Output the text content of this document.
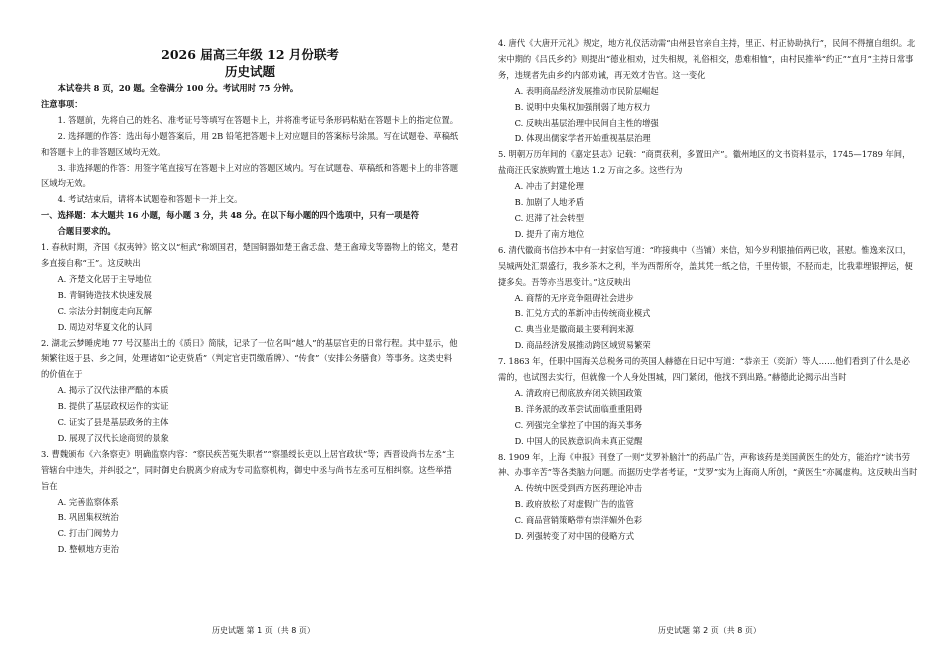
2026 届高三年级 12 月份联考
历史试题

本试卷共 8 页，20 题。全卷满分 100 分。考试用时 75 分钟。

注意事项：

1. 答题前，先将自己的姓名、准考证号等填写在答题卡上，并将准考证号条形码粘贴在答题卡上的指定位置。

2. 选择题的作答：选出每小题答案后，用 2B 铅笔把答题卡上对应题目的答案标号涂黑。写在试题卷、草稿纸和答题卡上的非答题区域均无效。

3. 非选择题的作答：用签字笔直接写在答题卡上对应的答题区域内。写在试题卷、草稿纸和答题卡上的非答题区域均无效。

4. 考试结束后，请将本试题卷和答题卡一并上交。

一、选择题：本大题共 16 小题，每小题 3 分，共 48 分。在以下每小题的四个选项中，只有一项是符
合题目要求的。

1. 春秋时期，齐国《叔夷钟》铭文以“桓武”称颂国君，楚国铜器如楚王酓忎盘、楚王酓璋戈等器物上的铭文，楚君多直接自称“王”。这反映出

A. 齐楚文化居于主导地位

B. 青铜铸造技术快速发展

C. 宗法分封制度走向瓦解

D. 周边对华夏文化的认同

2. 湖北云梦睡虎地 77 号汉墓出土的《质日》简牍，记录了一位名叫“越人”的基层官吏的日常行程。其中显示，他频繁往返于县、乡之间，处理诸如“论吏赀盾”（判定官吏罚缴盾牌）、“传食”（安排公务膳食）等事务。这类史料的价值在于

A. 揭示了汉代法律严酷的本质

B. 提供了基层政权运作的实证

C. 证实了县是基层政务的主体

D. 展现了汉代长途商贸的景象

3. 曹魏颁布《六条察吏》明确监察内容：“察民疾苦冤失职者”“察墨绶长吏以上居官政状”等；西晋设尚书左丞“主管辖台中违失，并纠驳之”，同时御史台脱离少府成为专司监察机构，御史中丞与尚书左丞可互相纠察。这些举措旨在

A. 完善监察体系

B. 巩固集权统治

C. 打击门阀势力

D. 整顿地方吏治

4. 唐代《大唐开元礼》规定，地方礼仪活动需“由州县官亲自主持，里正、村正协助执行”，民间不得擅自组织。北宋中期的《吕氏乡约》则提出“德业相劝，过失相规，礼俗相交，患难相恤”，由村民推举“约正”“直月”主持日常事务，违规者先由乡约内部劝诫，再无效才告官。这一变化

A. 表明商品经济发展推动市民阶层崛起

B. 说明中央集权加强削弱了地方权力

C. 反映出基层治理中民间自主性的增强

D. 体现出儒家学者开始重视基层治理

5. 明朝万历年间的《嘉定县志》记载：“商贾获利，多置田产”。徽州地区的文书资料显示，1745—1789 年间，盐商汪氏家族购置土地达 1.2 万亩之多。这些行为

A. 冲击了封建伦理

B. 加剧了人地矛盾

C. 迟滞了社会转型

D. 提升了南方地位

6. 清代徽商书信抄本中有一封家信写道：“昨接典中（当铺）来信，知今岁利银抽佰两已收，甚慰。惟逸来汉口，吴城两处汇票盛行，我乡茶木之利，半为西帮所夺，盖其凭一纸之信，千里传银，不胫而走，比我辈埋银押运，便捷多矣。吾等亦当思变计。”这反映出

A. 商帮的无序竞争阻碍社会进步

B. 汇兑方式的革新冲击传统商业模式

C. 典当业是徽商最主要利润来源

D. 商品经济发展推动跨区域贸易繁荣

7. 1863 年，任职中国海关总税务司的英国人赫德在日记中写道：“恭亲王（奕訢）等人……他们看到了什么是必需的，也试图去实行，但就像一个人身处围城，四门紧闭，他找不到出路。”赫德此论揭示出当时

A. 清政府已彻底放弃闭关锁国政策

B. 洋务派的改革尝试面临重重阻碍

C. 列强完全掌控了中国的海关事务

D. 中国人的民族意识尚未真正觉醒

8. 1909 年，上海《申报》刊登了一则“艾罗补脑汁”的药品广告，声称该药是美国黄医生的处方，能治疗“读书劳神、办事辛苦”等各类脑力问题。而据历史学者考证，“艾罗”实为上海商人所创，“黄医生”亦属虚构。这反映出当时

A. 传统中医受到西方医药理论冲击

B. 政府放松了对虚假广告的监管

C. 商品营销策略带有崇洋媚外色彩

D. 列强转变了对中国的侵略方式

历史试题 第 1 页（共 8 页）	历史试题 第 2 页（共 8 页）
